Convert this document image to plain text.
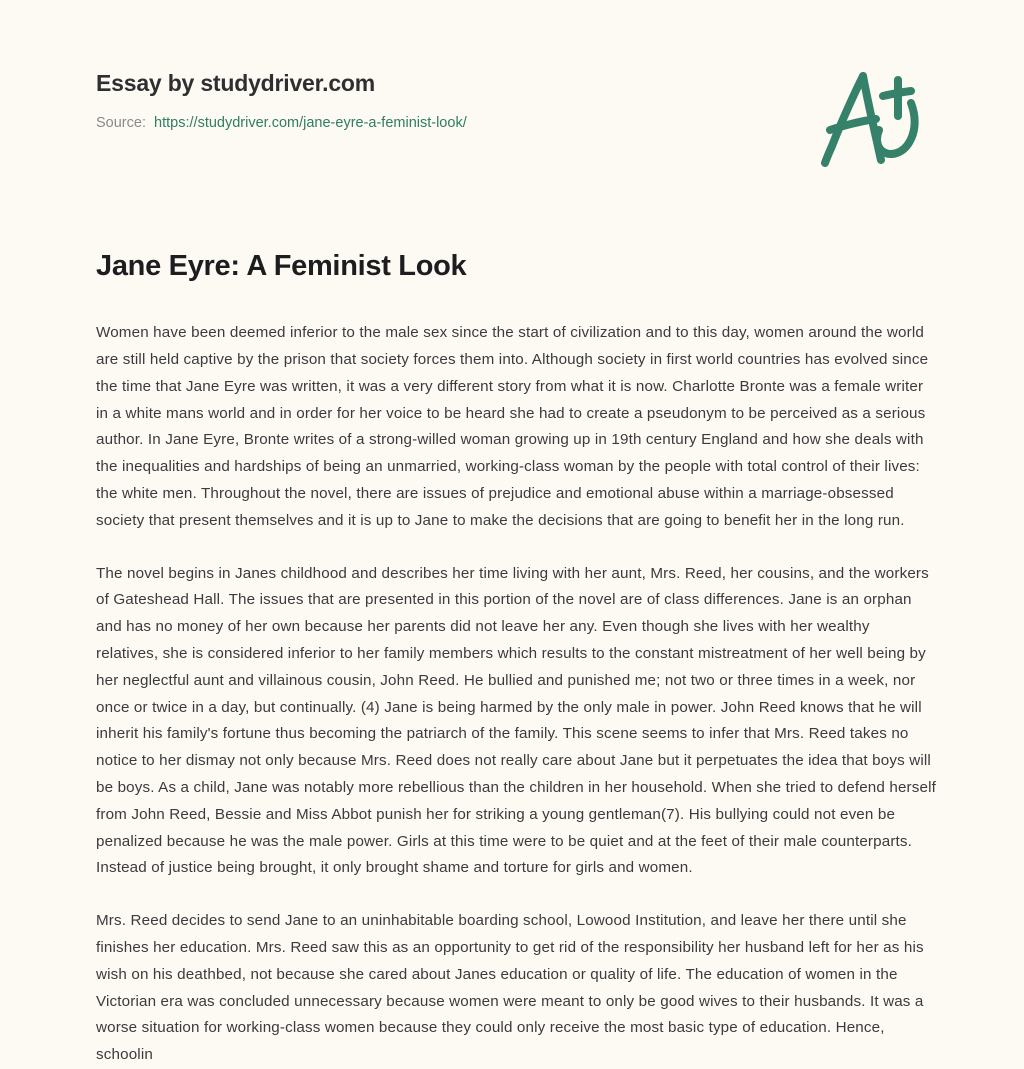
Essay by studydriver.com
Source: https://studydriver.com/jane-eyre-a-feminist-look/
Jane Eyre: A Feminist Look

Women have been deemed inferior to the male sex since the start of civilization and to this day, women around the world are still held captive by the prison that society forces them into. Although society in first world countries has evolved since the time that Jane Eyre was written, it was a very different story from what it is now. Charlotte Bronte was a female writer in a white mans world and in order for her voice to be heard she had to create a pseudonym to be perceived as a serious author. In Jane Eyre, Bronte writes of a strong-willed woman growing up in 19th century England and how she deals with the inequalities and hardships of being an unmarried, working-class woman by the people with total control of their lives: the white men. Throughout the novel, there are issues of prejudice and emotional abuse within a marriage-obsessed society that present themselves and it is up to Jane to make the decisions that are going to benefit her in the long run.

The novel begins in Janes childhood and describes her time living with her aunt, Mrs. Reed, her cousins, and the workers of Gateshead Hall. The issues that are presented in this portion of the novel are of class differences. Jane is an orphan and has no money of her own because her parents did not leave her any. Even though she lives with her wealthy relatives, she is considered inferior to her family members which results to the constant mistreatment of her well being by her neglectful aunt and villainous cousin, John Reed. He bullied and punished me; not two or three times in a week, nor once or twice in a day, but continually. (4) Jane is being harmed by the only male in power. John Reed knows that he will inherit his family's fortune thus becoming the patriarch of the family. This scene seems to infer that Mrs. Reed takes no notice to her dismay not only because Mrs. Reed does not really care about Jane but it perpetuates the idea that boys will be boys. As a child, Jane was notably more rebellious than the children in her household. When she tried to defend herself from John Reed, Bessie and Miss Abbot punish her for striking a young gentleman(7). His bullying could not even be penalized because he was the male power. Girls at this time were to be quiet and at the feet of their male counterparts. Instead of justice being brought, it only brought shame and torture for girls and women.

Mrs. Reed decides to send Jane to an uninhabitable boarding school, Lowood Institution, and leave her there until she finishes her education. Mrs. Reed saw this as an opportunity to get rid of the responsibility her husband left for her as his wish on his deathbed, not because she cared about Janes education or quality of life. The education of women in the Victorian era was concluded unnecessary because women were meant to only be good wives to their husbands. It was a worse situation for working-class women because they could only receive the most basic type of education. Hence, schoolin
